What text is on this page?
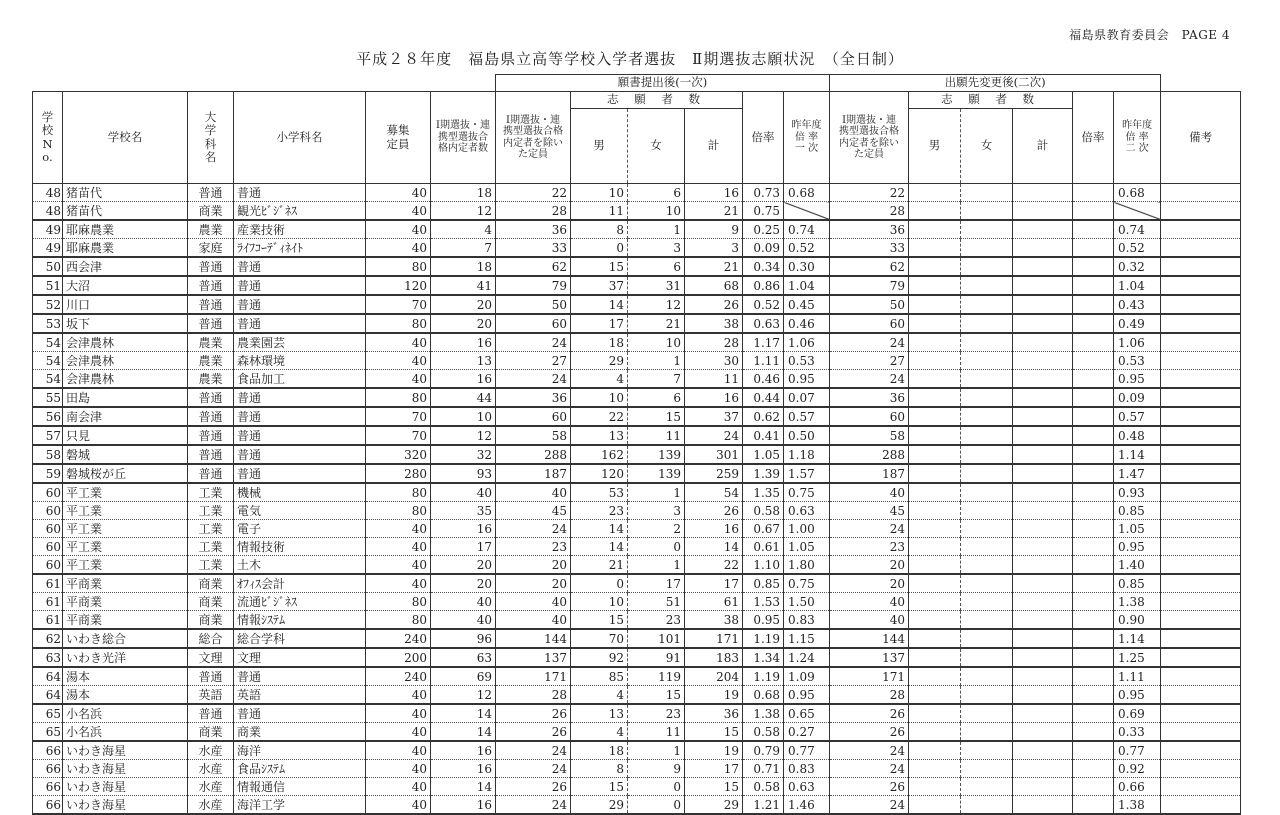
福島県教育委員会　PAGE 4
平成２８年度　福島県立高等学校入学者選抜　Ⅱ期選抜志願状況　（全日制）
						願書提出後(一次)						出願先変更後(二次)						
学校No.	学校名	大学科名	小学科名	募集定員	Ⅰ期選抜・連携型選抜合 格内定者数	Ⅰ期選抜・連携型選抜合格内定者を除いた定員	志 願 者 数			倍率	昨年度倍 率一 次	Ⅰ期選抜・連携型選抜合格内定者を除いた定員	志 願 者 数			倍率	昨年度倍 率二 次	備考
							男	女	計				男	女	計			
48	猪苗代	普通	普通	40	18	22	10	6	16	0.73	0.68	22					0.68	
48	猪苗代	商業	観光ﾋﾞｼﾞﾈｽ	40	12	28	11	10	21	0.75		28						
49	耶麻農業	農業	産業技術	40	4	36	8	1	9	0.25	0.74	36					0.74	
49	耶麻農業	家庭	ﾗｲﾌｺｰﾃﾞｨﾈｲﾄ	40	7	33	0	3	3	0.09	0.52	33					0.52	
50	西会津	普通	普通	80	18	62	15	6	21	0.34	0.30	62					0.32	
51	大沼	普通	普通	120	41	79	37	31	68	0.86	1.04	79					1.04	
52	川口	普通	普通	70	20	50	14	12	26	0.52	0.45	50					0.43	
53	坂下	普通	普通	80	20	60	17	21	38	0.63	0.46	60					0.49	
54	会津農林	農業	農業園芸	40	16	24	18	10	28	1.17	1.06	24					1.06	
54	会津農林	農業	森林環境	40	13	27	29	1	30	1.11	0.53	27					0.53	
54	会津農林	農業	食品加工	40	16	24	4	7	11	0.46	0.95	24					0.95	
55	田島	普通	普通	80	44	36	10	6	16	0.44	0.07	36					0.09	
56	南会津	普通	普通	70	10	60	22	15	37	0.62	0.57	60					0.57	
57	只見	普通	普通	70	12	58	13	11	24	0.41	0.50	58					0.48	
58	磐城	普通	普通	320	32	288	162	139	301	1.05	1.18	288					1.14	
59	磐城桜が丘	普通	普通	280	93	187	120	139	259	1.39	1.57	187					1.47	
60	平工業	工業	機械	80	40	40	53	1	54	1.35	0.75	40					0.93	
60	平工業	工業	電気	80	35	45	23	3	26	0.58	0.63	45					0.85	
60	平工業	工業	電子	40	16	24	14	2	16	0.67	1.00	24					1.05	
60	平工業	工業	情報技術	40	17	23	14	0	14	0.61	1.05	23					0.95	
60	平工業	工業	土木	40	20	20	21	1	22	1.10	1.80	20					1.40	
61	平商業	商業	ｵﾌｨｽ会計	40	20	20	0	17	17	0.85	0.75	20					0.85	
61	平商業	商業	流通ﾋﾞｼﾞﾈｽ	80	40	40	10	51	61	1.53	1.50	40					1.38	
61	平商業	商業	情報ｼｽﾃﾑ	80	40	40	15	23	38	0.95	0.83	40					0.90	
62	いわき総合	総合	総合学科	240	96	144	70	101	171	1.19	1.15	144					1.14	
63	いわき光洋	文理	文理	200	63	137	92	91	183	1.34	1.24	137					1.25	
64	湯本	普通	普通	240	69	171	85	119	204	1.19	1.09	171					1.11	
64	湯本	英語	英語	40	12	28	4	15	19	0.68	0.95	28					0.95	
65	小名浜	普通	普通	40	14	26	13	23	36	1.38	0.65	26					0.69	
65	小名浜	商業	商業	40	14	26	4	11	15	0.58	0.27	26					0.33	
66	いわき海星	水産	海洋	40	16	24	18	1	19	0.79	0.77	24					0.77	
66	いわき海星	水産	食品ｼｽﾃﾑ	40	16	24	8	9	17	0.71	0.83	24					0.92	
66	いわき海星	水産	情報通信	40	14	26	15	0	15	0.58	0.63	26					0.66	
66	いわき海星	水産	海洋工学	40	16	24	29	0	29	1.21	1.46	24					1.38	
